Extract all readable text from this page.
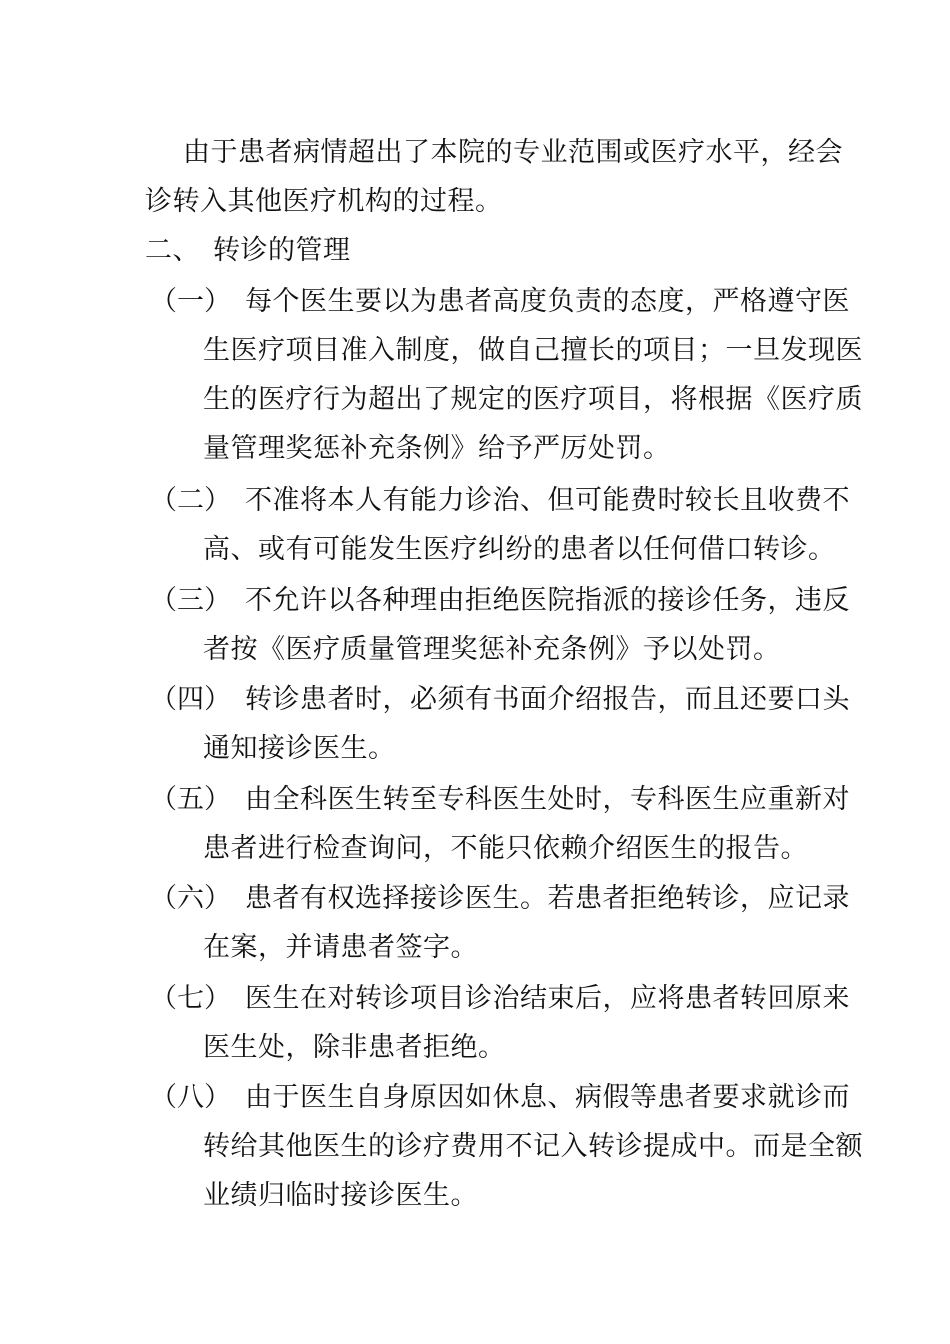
由于患者病情超出了本院的专业范围或医疗水平，经会
诊转入其他医疗机构的过程。
二、 转诊的管理
（一） 每个医生要以为患者高度负责的态度，严格遵守医
生医疗项目准入制度，做自己擅长的项目；一旦发现医
生的医疗行为超出了规定的医疗项目，将根据《医疗质
量管理奖惩补充条例》给予严厉处罚。
（二） 不准将本人有能力诊治、但可能费时较长且收费不
高、或有可能发生医疗纠纷的患者以任何借口转诊。
（三） 不允许以各种理由拒绝医院指派的接诊任务，违反
者按《医疗质量管理奖惩补充条例》予以处罚。
（四） 转诊患者时，必须有书面介绍报告，而且还要口头
通知接诊医生。
（五） 由全科医生转至专科医生处时，专科医生应重新对
患者进行检查询问，不能只依赖介绍医生的报告。
（六） 患者有权选择接诊医生。若患者拒绝转诊，应记录
在案，并请患者签字。
（七） 医生在对转诊项目诊治结束后，应将患者转回原来
医生处，除非患者拒绝。
（八） 由于医生自身原因如休息、病假等患者要求就诊而
转给其他医生的诊疗费用不记入转诊提成中。而是全额
业绩归临时接诊医生。
